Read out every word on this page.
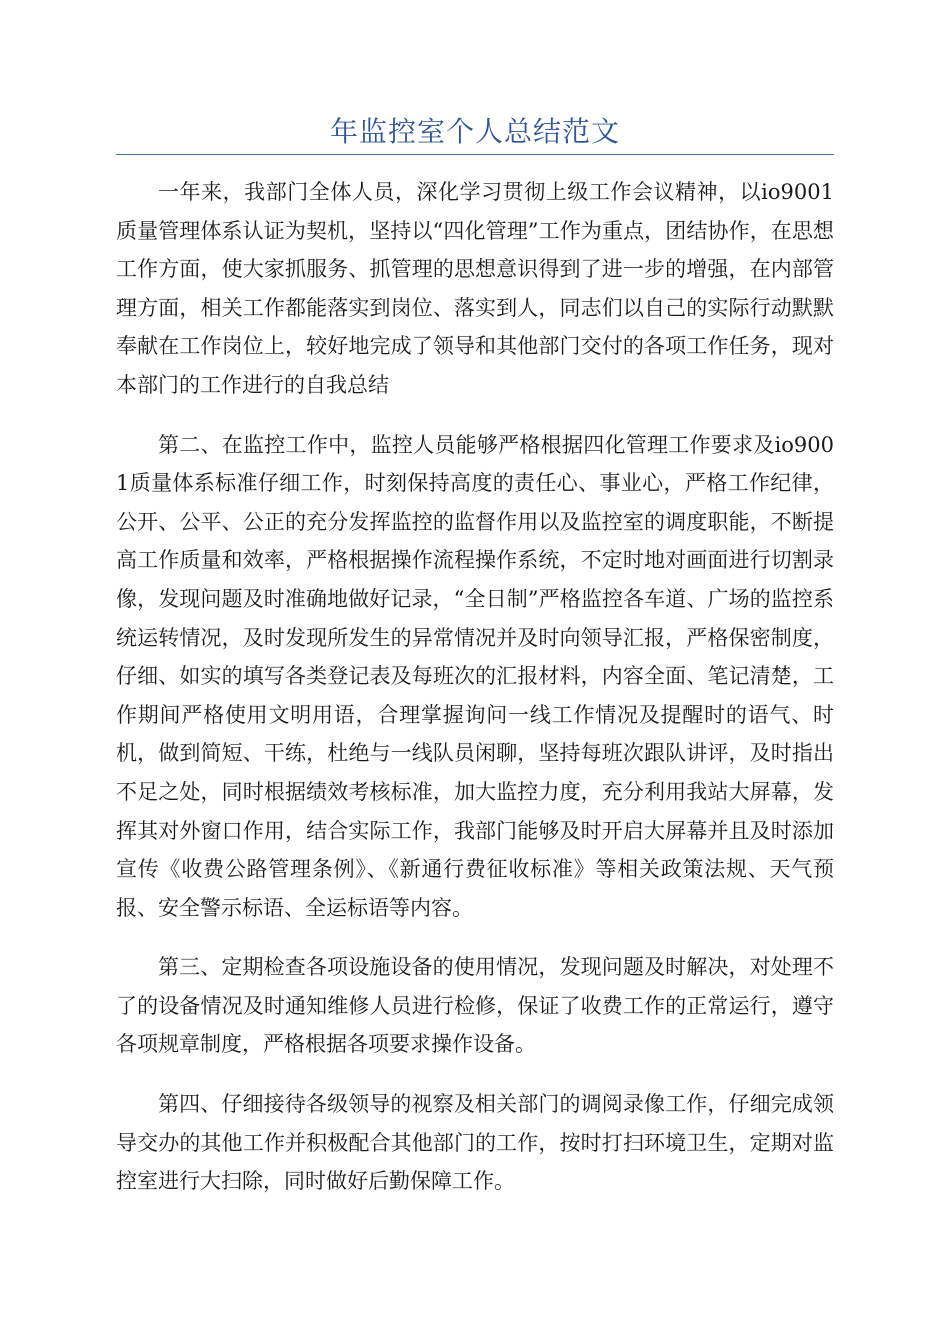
年监控室个人总结范文

一年来，我部门全体人员，深化学习贯彻上级工作会议精神，以io9001质量管理体系认证为契机，坚持以“四化管理”工作为重点，团结协作，在思想工作方面，使大家抓服务、抓管理的思想意识得到了进一步的增强，在内部管理方面，相关工作都能落实到岗位、落实到人，同志们以自己的实际行动默默奉献在工作岗位上，较好地完成了领导和其他部门交付的各项工作任务，现对本部门的工作进行的自我总结

第二、在监控工作中，监控人员能够严格根据四化管理工作要求及io9001质量体系标准仔细工作，时刻保持高度的责任心、事业心，严格工作纪律，公开、公平、公正的充分发挥监控的监督作用以及监控室的调度职能，不断提高工作质量和效率，严格根据操作流程操作系统，不定时地对画面进行切割录像，发现问题及时准确地做好记录，“全日制”严格监控各车道、广场的监控系统运转情况，及时发现所发生的异常情况并及时向领导汇报，严格保密制度，仔细、如实的填写各类登记表及每班次的汇报材料，内容全面、笔记清楚，工作期间严格使用文明用语，合理掌握询问一线工作情况及提醒时的语气、时机，做到简短、干练，杜绝与一线队员闲聊，坚持每班次跟队讲评，及时指出不足之处，同时根据绩效考核标准，加大监控力度，充分利用我站大屏幕，发挥其对外窗口作用，结合实际工作，我部门能够及时开启大屏幕并且及时添加宣传《收费公路管理条例》、《新通行费征收标准》等相关政策法规、天气预报、安全警示标语、全运标语等内容。

第三、定期检查各项设施设备的使用情况，发现问题及时解决，对处理不了的设备情况及时通知维修人员进行检修，保证了收费工作的正常运行，遵守各项规章制度，严格根据各项要求操作设备。

第四、仔细接待各级领导的视察及相关部门的调阅录像工作，仔细完成领导交办的其他工作并积极配合其他部门的工作，按时打扫环境卫生，定期对监控室进行大扫除，同时做好后勤保障工作。
